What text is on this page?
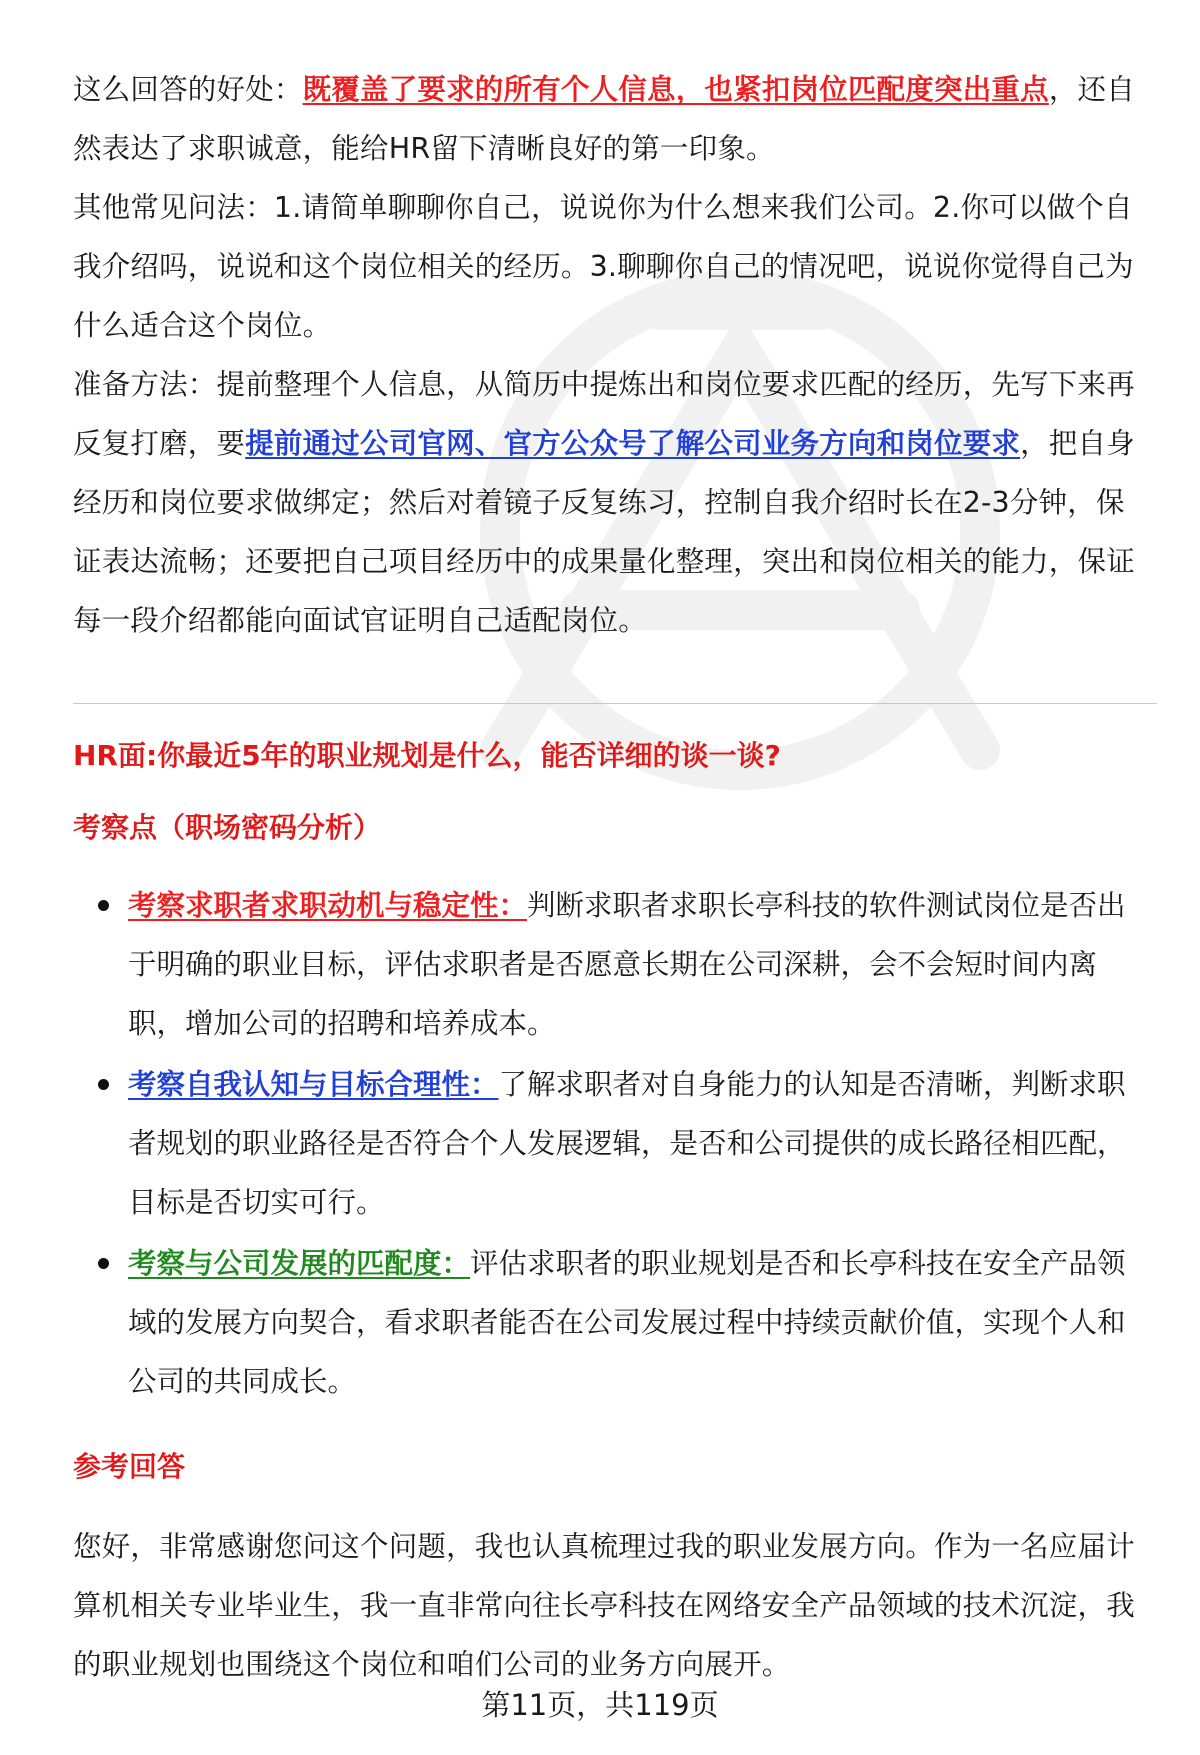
这么回答的好处：既覆盖了要求的所有个人信息，也紧扣岗位匹配度突出重点，还自然表达了求职诚意，能给HR留下清晰良好的第一印象。

其他常见问法：1.请简单聊聊你自己，说说你为什么想来我们公司。2.你可以做个自我介绍吗，说说和这个岗位相关的经历。3.聊聊你自己的情况吧，说说你觉得自己为什么适合这个岗位。

准备方法：提前整理个人信息，从简历中提炼出和岗位要求匹配的经历，先写下来再反复打磨，要提前通过公司官网、官方公众号了解公司业务方向和岗位要求，把自身经历和岗位要求做绑定；然后对着镜子反复练习，控制自我介绍时长在2-3分钟，保证表达流畅；还要把自己项目经历中的成果量化整理，突出和岗位相关的能力，保证每一段介绍都能向面试官证明自己适配岗位。

HR面:你最近5年的职业规划是什么，能否详细的谈一谈?

考察点（职场密码分析）

考察求职者求职动机与稳定性：判断求职者求职长亭科技的软件测试岗位是否出于明确的职业目标，评估求职者是否愿意长期在公司深耕，会不会短时间内离职，增加公司的招聘和培养成本。
考察自我认知与目标合理性：了解求职者对自身能力的认知是否清晰，判断求职者规划的职业路径是否符合个人发展逻辑，是否和公司提供的成长路径相匹配，目标是否切实可行。
考察与公司发展的匹配度：评估求职者的职业规划是否和长亭科技在安全产品领域的发展方向契合，看求职者能否在公司发展过程中持续贡献价值，实现个人和公司的共同成长。

参考回答

您好，非常感谢您问这个问题，我也认真梳理过我的职业发展方向。作为一名应届计算机相关专业毕业生，我一直非常向往长亭科技在网络安全产品领域的技术沉淀，我的职业规划也围绕这个岗位和咱们公司的业务方向展开。

第11页，共119页
